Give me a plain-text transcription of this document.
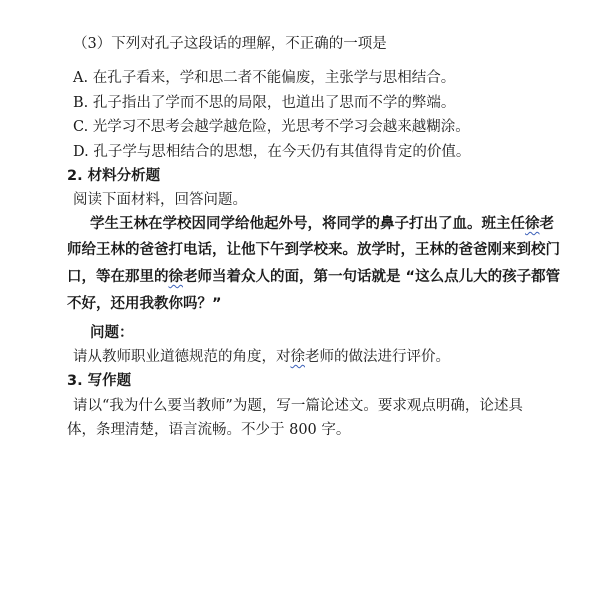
（3）下列对孔子这段话的理解，不正确的一项是
A. 在孔子看来，学和思二者不能偏废，主张学与思相结合。
B. 孔子指出了学而不思的局限，也道出了思而不学的弊端。
C. 光学习不思考会越学越危险，光思考不学习会越来越糊涂。
D. 孔子学与思相结合的思想，在今天仍有其值得肯定的价值。
2. 材料分析题
阅读下面材料，回答问题。
学生王林在学校因同学给他起外号，将同学的鼻子打出了血。班主任徐老
师给王林的爸爸打电话，让他下午到学校来。放学时，王林的爸爸刚来到校门
口，等在那里的徐老师当着众人的面，第一句话就是 “这么点儿大的孩子都管
不好，还用我教你吗？”
问题：
请从教师职业道德规范的角度，对徐老师的做法进行评价。
3. 写作题
请以“我为什么要当教师”为题，写一篇论述文。要求观点明确，论述具
体，条理清楚，语言流畅。不少于 800 字。
